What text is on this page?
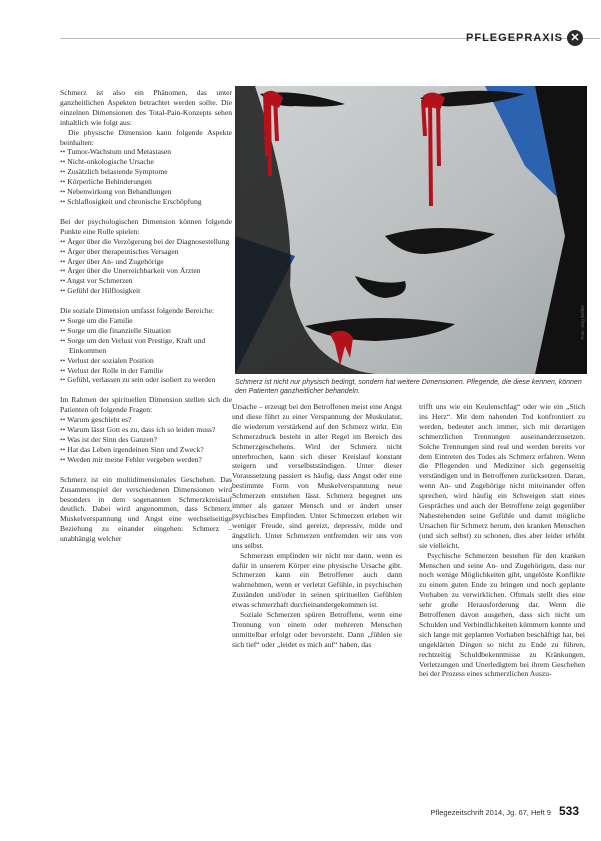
PFLEGEPRAXIS ✕

Schmerz ist also ein Phänomen, das unter ganzheitlichen Aspekten betrachtet werden sollte. Die einzelnen Dimensionen des Total-Pain-Konzepts sehen inhaltlich wie folgt aus:

Die physische Dimension kann folgende Aspekte beinhalten:

•• Tumor-Wachstum und Metastasen
•• Nicht-onkologische Ursache
•• Zusätzlich belastende Symptome
•• Körperliche Behinderungen
•• Nebenwirkung von Behandlungen
•• Schlaflosigkeit und chronische Erschöpfung

Bei der psychologischen Dimension können folgende Punkte eine Rolle spielen:

•• Ärger über die Verzögerung bei der Diagnosestellung
•• Ärger über therapeutisches Versagen
•• Ärger über An- und Zugehörige
•• Ärger über die Unerreichbarkeit von Ärzten
•• Angst vor Schmerzen
•• Gefühl der Hilflosigkeit

Die soziale Dimension umfasst folgende Bereiche:

•• Sorge um die Familie
•• Sorge um die finanzielle Situation
•• Sorge um den Verlust von Prestige, Kraft und Einkommen
•• Verlust der sozialen Position
•• Verlust der Rolle in der Familie
•• Gefühl, verlassen zu sein oder isoliert zu werden

Im Rahmen der spirituellen Dimension stellen sich die Patienten oft folgende Fragen:

•• Warum geschieht es?
•• Warum lässt Gott es zu, dass ich so leiden muss?
•• Was ist der Sinn des Ganzen?
•• Hat das Leben irgendeinen Sinn und Zweck?
•• Werden mir meine Fehler vergeben werden?

Schmerz ist ein multidimensionales Geschehen. Das Zusammenspiel der verschiedenen Dimensionen wird besonders in dem sogenannten Schmerzkreislauf deutlich. Dabei wird angenommen, dass Schmerz, Muskelverspannung und Angst eine wechselseitige Beziehung zu einander eingehen: Schmerz – unabhängig welcher

Foto: Jörg Behler
Schmerz ist nicht nur physisch bedingt, sondern hat weitere Dimensionen. Pflegende, die diese kennen, können den Patienten ganzheitlicher behandeln.

Ursache – erzeugt bei den Betroffenen meist eine Angst und diese führt zu einer Verspannung der Muskulatur, die wiederum verstärkend auf den Schmerz wirkt. Ein Schmerzdruck besteht in aller Regel im Bereich des Schmerzgeschehens. Wird der Schmerz nicht unterbrochen, kann sich dieser Kreislauf konstant steigern und verselbstständigen. Unter dieser Voraussetzung passiert es häufig, dass Angst oder eine bestimmte Form von Muskelverspannung neue Schmerzen entstehen lässt. Schmerz begegnet uns immer als ganzer Mensch und er ändert unser psychisches Empfinden. Unter Schmerzen erleben wir weniger Freude, sind gereizt, depressiv, müde und ängstlich. Unter Schmerzen entfremden wir uns von uns selbst.

Schmerzen empfinden wir nicht nur dann, wenn es dafür in unserem Körper eine physische Ursache gibt. Schmerzen kann ein Betroffener auch dann wahrnehmen, wenn er verletzt Gefühle, in psychischen Zuständen und/oder in seinen spirituellen Gefühlen etwas schmerzhaft durcheinandergekommen ist.

Soziale Schmerzen spüren Betroffene, wenn eine Trennung von einem oder mehreren Menschen unmittelbar erfolgt oder bevorsteht. Dann „fühlen sie sich tief“ oder „leidet es mich auf“ haben, das

trifft uns wie ein Keulenschlag“ oder wie ein „Stich ins Herz“. Mit dem nahenden Tod konfrontiert zu werden, bedeutet auch immer, sich mit derartigen schmerzlichen Trennungen auseinanderzusetzen. Solche Trennungen sind real und werden bereits vor dem Eintreten des Todes als Schmerz erfahren. Wenn die Pflegenden und Mediziner sich gegenseitig verständigen und in Betroffenen zurücksetzen. Daran, wenn An- und Zugehörige nicht miteinander offen sprechen, wird häufig ein Schweigen statt eines Gespräches und auch der Betroffene zeigt gegenüber Nahestehenden seine Gefühle und damit mögliche Ursachen für Schmerz herum, den kranken Menschen (und sich selbst) zu schonen, dies aber leider erhöht sie vielleicht.

Psychische Schmerzen bestehen für den kranken Menschen und seine An- und Zugehörigen, dass nur noch wenige Möglichkeiten gibt, ungelöste Konflikte zu einem guten Ende zu bringen und noch geplante Vorhaben zu verwirklichen. Oftmals stellt dies eine sehr große Herausforderung dar. Wenn die Betroffenen davon ausgehen, dass sich nicht um Schulden und Verbindlichkeiten kümmern konnte und sich lange mit geplanten Vorhaben beschäftigt hat, bei ungeklärten Dingen so nicht zu Ende zu führen, rechtzeitig Schuldbekenntnisse zu Kränkungen, Verletzungen und Unerledigtem bei ihrem Geschehen bei der Prozess eines schmerzlichen Auszu-

Pflegezeitschrift 2014, Jg. 67, Heft 9 533
